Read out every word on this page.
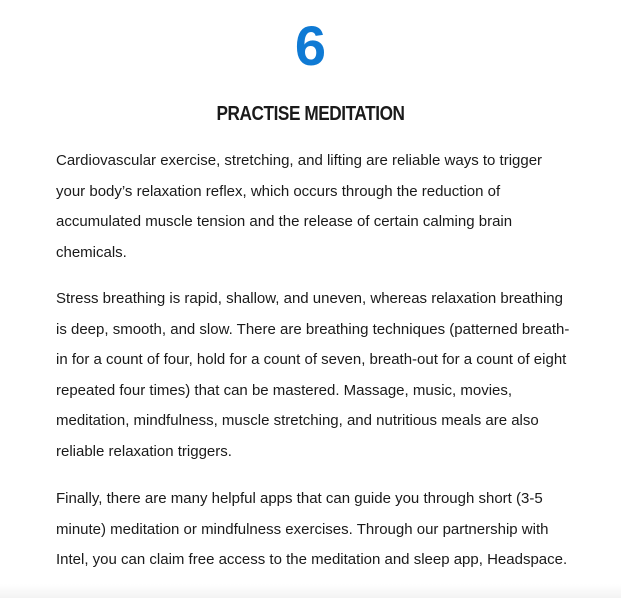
6
PRACTISE MEDITATION

Cardiovascular exercise, stretching, and lifting are reliable ways to trigger
your body’s relaxation reflex, which occurs through the reduction of
accumulated muscle tension and the release of certain calming brain
chemicals.

Stress breathing is rapid, shallow, and uneven, whereas relaxation breathing
is deep, smooth, and slow. There are breathing techniques (patterned breath-
in for a count of four, hold for a count of seven, breath-out for a count of eight
repeated four times) that can be mastered. Massage, music, movies,
meditation, mindfulness, muscle stretching, and nutritious meals are also
reliable relaxation triggers.

Finally, there are many helpful apps that can guide you through short (3-5
minute) meditation or mindfulness exercises. Through our partnership with
Intel, you can claim free access to the meditation and sleep app, Headspace.
